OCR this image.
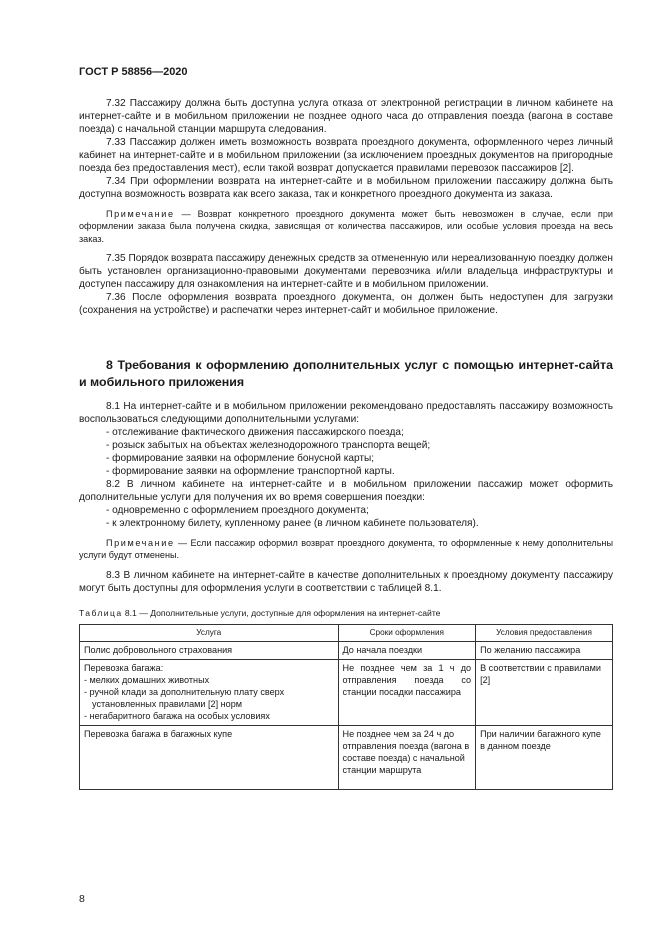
ГОСТ Р 58856—2020

7.32 Пассажиру должна быть доступна услуга отказа от электронной регистрации в личном кабинете на интернет-сайте и в мобильном приложении не позднее одного часа до отправления поезда (вагона в составе поезда) с начальной станции маршрута следования.

7.33 Пассажир должен иметь возможность возврата проездного документа, оформленного через личный кабинет на интернет-сайте и в мобильном приложении (за исключением проездных документов на пригородные поезда без предоставления мест), если такой возврат допускается правилами перевозок пассажиров [2].

7.34 При оформлении возврата на интернет-сайте и в мобильном приложении пассажиру должна быть доступна возможность возврата как всего заказа, так и конкретного проездного документа из заказа.

Примечание — Возврат конкретного проездного документа может быть невозможен в случае, если при оформлении заказа была получена скидка, зависящая от количества пассажиров, или особые условия проезда на весь заказ.

7.35 Порядок возврата пассажиру денежных средств за отмененную или нереализованную поездку должен быть установлен организационно-правовыми документами перевозчика и/или владельца инфраструктуры и доступен пассажиру для ознакомления на интернет-сайте и в мобильном приложении.

7.36 После оформления возврата проездного документа, он должен быть недоступен для загрузки (сохранения на устройстве) и распечатки через интернет-сайт и мобильное приложение.

8 Требования к оформлению дополнительных услуг с помощью интернет-сайта и мобильного приложения

8.1 На интернет-сайте и в мобильном приложении рекомендовано предоставлять пассажиру возможность воспользоваться следующими дополнительными услугами:

- отслеживание фактического движения пассажирского поезда;

- розыск забытых на объектах железнодорожного транспорта вещей;

- формирование заявки на оформление бонусной карты;

- формирование заявки на оформление транспортной карты.

8.2 В личном кабинете на интернет-сайте и в мобильном приложении пассажир может оформить дополнительные услуги для получения их во время совершения поездки:

- одновременно с оформлением проездного документа;

- к электронному билету, купленному ранее (в личном кабинете пользователя).

Примечание — Если пассажир оформил возврат проездного документа, то оформленные к нему дополнительны услуги будут отменены.

8.3 В личном кабинете на интернет-сайте в качестве дополнительных к проездному документу пассажиру могут быть доступны для оформления услуги в соответствии с таблицей 8.1.

Таблица 8.1 — Дополнительные услуги, доступные для оформления на интернет-сайте
Услуга	Сроки оформления	Условия предоставления
Полис добровольного страхования	До начала поездки	По желанию пассажира

Перевозка багажа:
- мелких домашних животных
- ручной клади за дополнительную плату сверх установленных правилами [2] норм
- негабаритного багажа на особых условиях	Не позднее чем за 1 ч до отправления поезда со станции посадки пассажира	В соответствии с правилами [2]
Перевозка багажа в багажных купе	Не позднее чем за 24 ч до отправления поезда (вагона в составе поезда) с начальной станции маршрута	При наличии багажного купе в данном поезде
8
